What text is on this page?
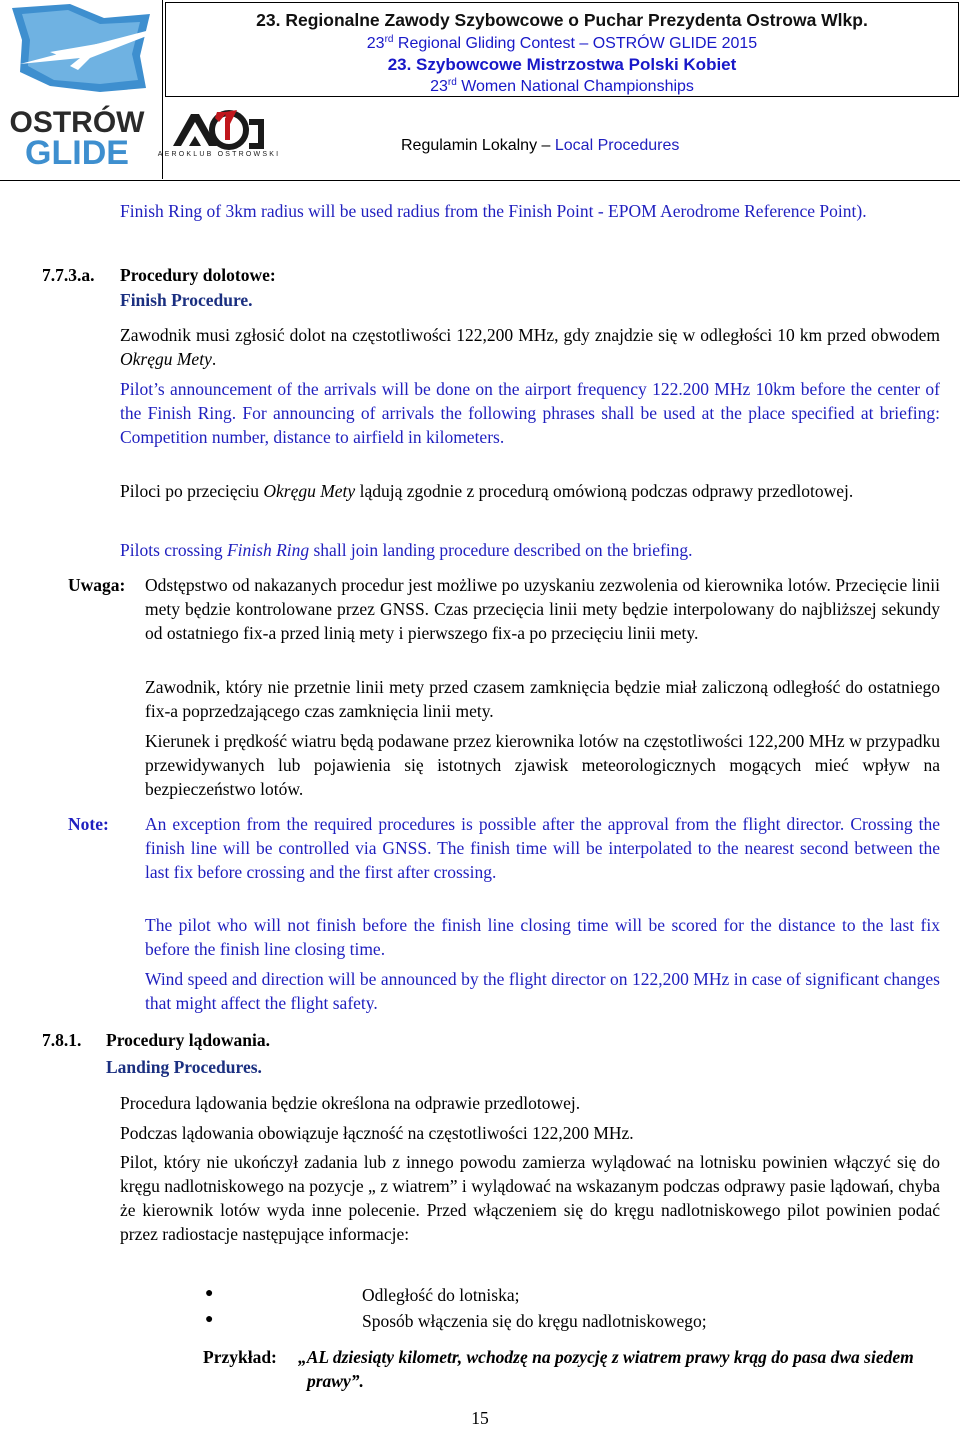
OSTRÓW
GLIDE
23. Regionalne Zawody Szybowcowe o Puchar Prezydenta Ostrowa Wlkp.
23rd Regional Gliding Contest – OSTRÓW GLIDE 2015
23. Szybowcowe Mistrzostwa Polski Kobiet
23rd Women National Championships
AEROKLUB OSTROWSKI
Regulamin Lokalny – Local Procedures
Finish Ring of 3km radius will be used radius from the Finish Point - EPOM Aerodrome Reference Point).
7.7.3.a. Procedury dolotowe:
Finish Procedure.
Zawodnik musi zgłosić dolot na częstotliwości 122,200 MHz, gdy znajdzie się w odległości 10 km przed obwodem Okręgu Mety.
Pilot’s announcement of the arrivals will be done on the airport frequency 122.200 MHz 10km before the center of the Finish Ring. For announcing of arrivals the following phrases shall be used at the place specified at briefing: Competition number, distance to airfield in kilometers.
Piloci po przecięciu Okręgu Mety lądują zgodnie z procedurą omówioną podczas odprawy przedlotowej.
Pilots crossing Finish Ring shall join landing procedure described on the briefing.
Uwaga: Odstępstwo od nakazanych procedur jest możliwe po uzyskaniu zezwolenia od kierownika lotów. Przecięcie linii mety będzie kontrolowane przez GNSS. Czas przecięcia linii mety będzie interpolowany do najbliższej sekundy od ostatniego fix-a przed linią mety i pierwszego fix-a po przecięciu linii mety.
Zawodnik, który nie przetnie linii mety przed czasem zamknięcia będzie miał zaliczoną odległość do ostatniego fix-a poprzedzającego czas zamknięcia linii mety.
Kierunek i prędkość wiatru będą podawane przez kierownika lotów na częstotliwości 122,200 MHz w przypadku przewidywanych lub pojawienia się istotnych zjawisk meteorologicznych mogących mieć wpływ na bezpieczeństwo lotów.
Note: An exception from the required procedures is possible after the approval from the flight director. Crossing the finish line will be controlled via GNSS. The finish time will be interpolated to the nearest second between the last fix before crossing and the first after crossing.
The pilot who will not finish before the finish line closing time will be scored for the distance to the last fix before the finish line closing time.
Wind speed and direction will be announced by the flight director on 122,200 MHz in case of significant changes that might affect the flight safety.
7.8.1. Procedury lądowania.
Landing Procedures.
Procedura lądowania będzie określona na odprawie przedlotowej.
Podczas lądowania obowiązuje łączność na częstotliwości 122,200 MHz.
Pilot, który nie ukończył zadania lub z innego powodu zamierza wylądować na lotnisku powinien włączyć się do kręgu nadlotniskowego na pozycje „ z wiatrem” i wylądować na wskazanym podczas odprawy pasie lądowań, chyba że kierownik lotów wyda inne polecenie. Przed włączeniem się do kręgu nadlotniskowego pilot powinien podać przez radiostacje następujące informacje:
●	Odległość do lotniska;
●	Sposób włączenia się do kręgu nadlotniskowego;
Przykład: „AL dziesiąty kilometr, wchodzę na pozycję z wiatrem prawy krąg do pasa dwa siedem prawy”.
15
